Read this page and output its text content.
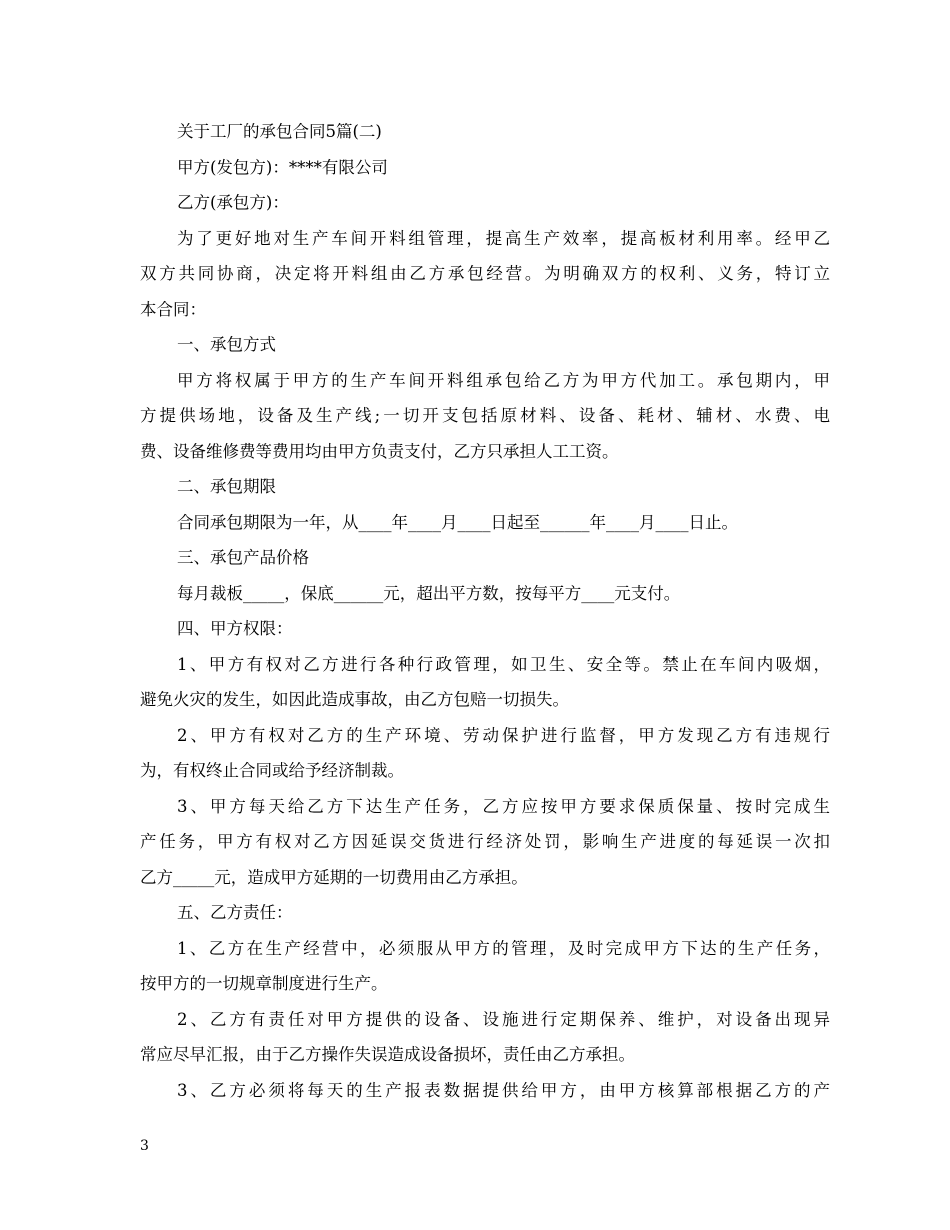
关于工厂的承包合同5篇(二)
甲方(发包方)：****有限公司
乙方(承包方)：
为了更好地对生产车间开料组管理，提高生产效率，提高板材利用率。经甲乙
双方共同协商，决定将开料组由乙方承包经营。为明确双方的权利、义务，特订立
本合同：
一、承包方式
甲方将权属于甲方的生产车间开料组承包给乙方为甲方代加工。承包期内，甲
方提供场地，设备及生产线;一切开支包括原材料、设备、耗材、辅材、水费、电
费、设备维修费等费用均由甲方负责支付，乙方只承担人工工资。
二、承包期限
合同承包期限为一年，从____年____月____日起至______年____月____日止。
三、承包产品价格
每月裁板_____，保底______元，超出平方数，按每平方____元支付。
四、甲方权限：
1、甲方有权对乙方进行各种行政管理，如卫生、安全等。禁止在车间内吸烟，
避免火灾的发生，如因此造成事故，由乙方包赔一切损失。
2、甲方有权对乙方的生产环境、劳动保护进行监督，甲方发现乙方有违规行
为，有权终止合同或给予经济制裁。
3、甲方每天给乙方下达生产任务，乙方应按甲方要求保质保量、按时完成生
产任务，甲方有权对乙方因延误交货进行经济处罚，影响生产进度的每延误一次扣
乙方_____元，造成甲方延期的一切费用由乙方承担。
五、乙方责任：
1、乙方在生产经营中，必须服从甲方的管理，及时完成甲方下达的生产任务，
按甲方的一切规章制度进行生产。
2、乙方有责任对甲方提供的设备、设施进行定期保养、维护，对设备出现异
常应尽早汇报，由于乙方操作失误造成设备损坏，责任由乙方承担。
3、乙方必须将每天的生产报表数据提供给甲方，由甲方核算部根据乙方的产
3
